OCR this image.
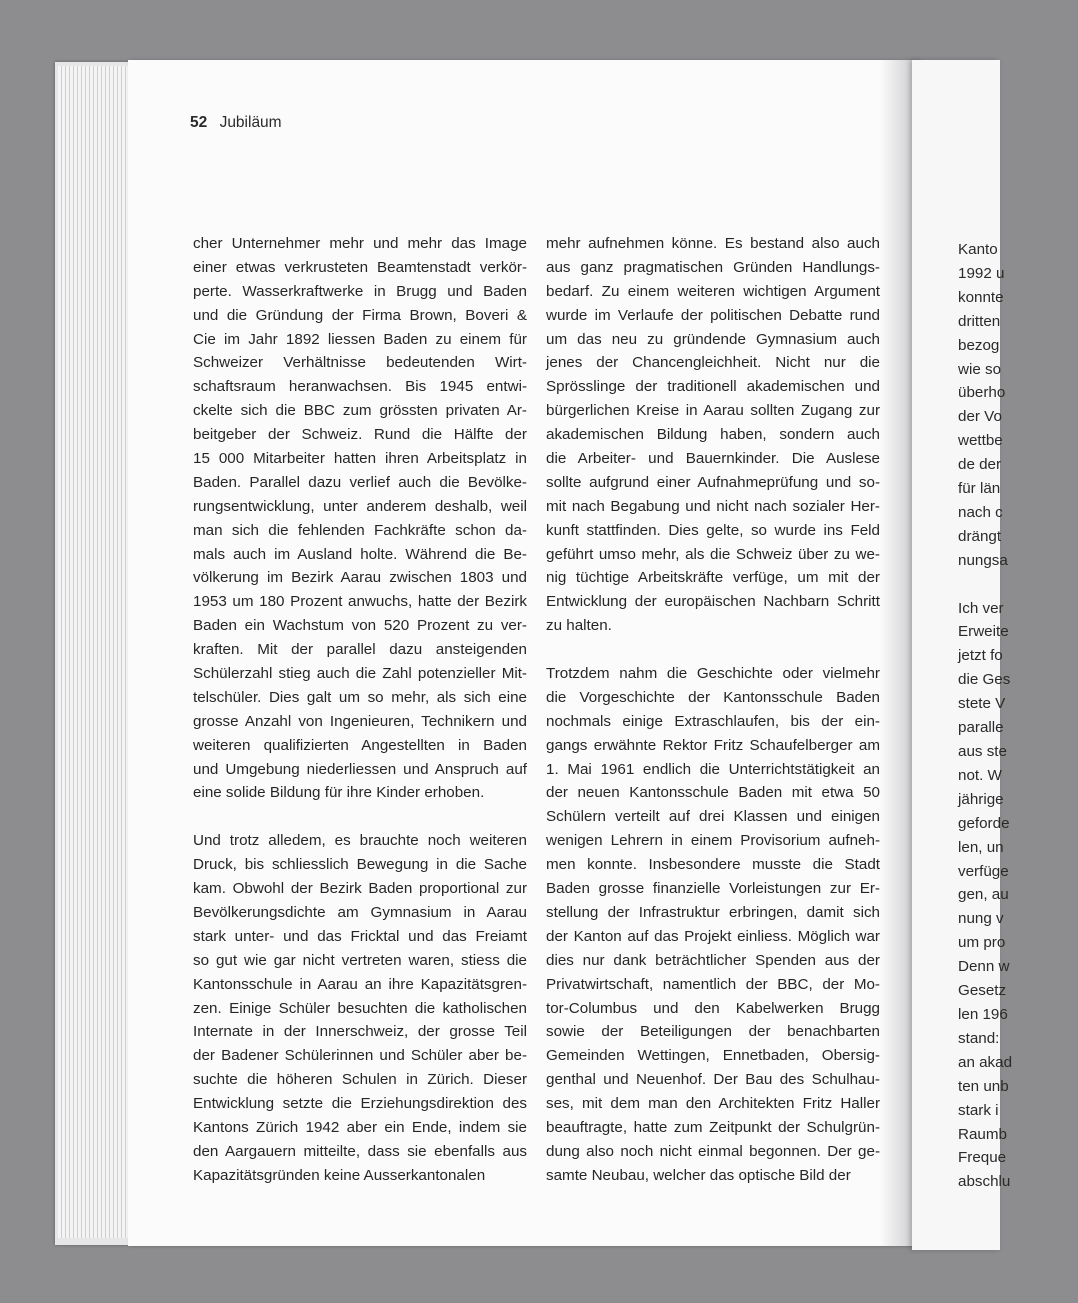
Kanto
1992 u
konnte
dritten
bezog
wie so
überho
der Vo
wettbe
de der
für län
nach c
drängt
nungsa
Ich ver
Erweite
jetzt fo
die Ges
stete V
paralle
aus ste
not. W
jährige
geforde
len, un
verfüge
gen, au
nung v
um pro
Denn w
Gesetz
len 196
stand:
an akad
ten unb
stark i
Raumb
Freque
abschlu
52 Jubiläum
cher Unternehmer mehr und mehr das Image
einer etwas verkrusteten Beamtenstadt verkör-
perte. Wasserkraftwerke in Brugg und Baden
und die Gründung der Firma Brown, Boveri &
Cie im Jahr 1892 liessen Baden zu einem für
Schweizer Verhältnisse bedeutenden Wirt-
schaftsraum heranwachsen. Bis 1945 entwi-
ckelte sich die BBC zum grössten privaten Ar-
beitgeber der Schweiz. Rund die Hälfte der
15 000 Mitarbeiter hatten ihren Arbeitsplatz in
Baden. Parallel dazu verlief auch die Bevölke-
rungsentwicklung, unter anderem deshalb, weil
man sich die fehlenden Fachkräfte schon da-
mals auch im Ausland holte. Während die Be-
völkerung im Bezirk Aarau zwischen 1803 und
1953 um 180 Prozent anwuchs, hatte der Bezirk
Baden ein Wachstum von 520 Prozent zu ver-
kraften. Mit der parallel dazu ansteigenden
Schülerzahl stieg auch die Zahl potenzieller Mit-
telschüler. Dies galt um so mehr, als sich eine
grosse Anzahl von Ingenieuren, Technikern und
weiteren qualifizierten Angestellten in Baden
und Umgebung niederliessen und Anspruch auf
eine solide Bildung für ihre Kinder erhoben.
Und trotz alledem, es brauchte noch weiteren
Druck, bis schliesslich Bewegung in die Sache
kam. Obwohl der Bezirk Baden proportional zur
Bevölkerungsdichte am Gymnasium in Aarau
stark unter- und das Fricktal und das Freiamt
so gut wie gar nicht vertreten waren, stiess die
Kantonsschule in Aarau an ihre Kapazitätsgren-
zen. Einige Schüler besuchten die katholischen
Internate in der Innerschweiz, der grosse Teil
der Badener Schülerinnen und Schüler aber be-
suchte die höheren Schulen in Zürich. Dieser
Entwicklung setzte die Erziehungsdirektion des
Kantons Zürich 1942 aber ein Ende, indem sie
den Aargauern mitteilte, dass sie ebenfalls aus
Kapazitätsgründen keine Ausserkantonalen
mehr aufnehmen könne. Es bestand also auch
aus ganz pragmatischen Gründen Handlungs-
bedarf. Zu einem weiteren wichtigen Argument
wurde im Verlaufe der politischen Debatte rund
um das neu zu gründende Gymnasium auch
jenes der Chancengleichheit. Nicht nur die
Sprösslinge der traditionell akademischen und
bürgerlichen Kreise in Aarau sollten Zugang zur
akademischen Bildung haben, sondern auch
die Arbeiter- und Bauernkinder. Die Auslese
sollte aufgrund einer Aufnahmeprüfung und so-
mit nach Begabung und nicht nach sozialer Her-
kunft stattfinden. Dies gelte, so wurde ins Feld
geführt umso mehr, als die Schweiz über zu we-
nig tüchtige Arbeitskräfte verfüge, um mit der
Entwicklung der europäischen Nachbarn Schritt
zu halten.
Trotzdem nahm die Geschichte oder vielmehr
die Vorgeschichte der Kantonsschule Baden
nochmals einige Extraschlaufen, bis der ein-
gangs erwähnte Rektor Fritz Schaufelberger am
1. Mai 1961 endlich die Unterrichtstätigkeit an
der neuen Kantonsschule Baden mit etwa 50
Schülern verteilt auf drei Klassen und einigen
wenigen Lehrern in einem Provisorium aufneh-
men konnte. Insbesondere musste die Stadt
Baden grosse finanzielle Vorleistungen zur Er-
stellung der Infrastruktur erbringen, damit sich
der Kanton auf das Projekt einliess. Möglich war
dies nur dank beträchtlicher Spenden aus der
Privatwirtschaft, namentlich der BBC, der Mo-
tor-Columbus und den Kabelwerken Brugg
sowie der Beteiligungen der benachbarten
Gemeinden Wettingen, Ennetbaden, Obersig-
genthal und Neuenhof. Der Bau des Schulhau-
ses, mit dem man den Architekten Fritz Haller
beauftragte, hatte zum Zeitpunkt der Schulgrün-
dung also noch nicht einmal begonnen. Der ge-
samte Neubau, welcher das optische Bild der
